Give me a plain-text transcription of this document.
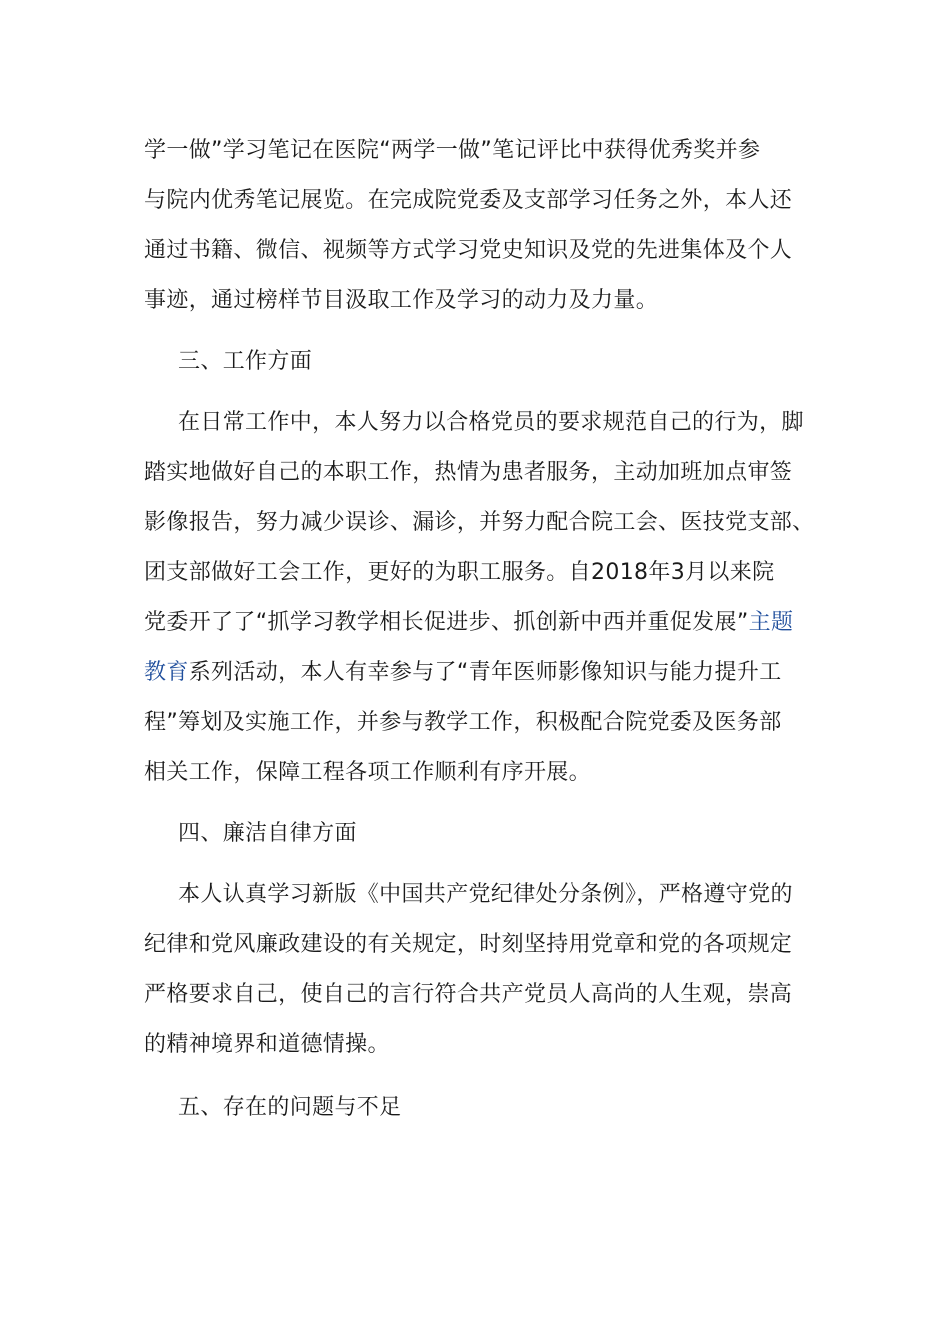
学一做”学习笔记在医院“两学一做”笔记评比中获得优秀奖并参
与院内优秀笔记展览。在完成院党委及支部学习任务之外，本人还
通过书籍、微信、视频等方式学习党史知识及党的先进集体及个人
事迹，通过榜样节目汲取工作及学习的动力及力量。
三、工作方面
在日常工作中，本人努力以合格党员的要求规范自己的行为，脚
踏实地做好自己的本职工作，热情为患者服务，主动加班加点审签
影像报告，努力减少误诊、漏诊，并努力配合院工会、医技党支部、
团支部做好工会工作，更好的为职工服务。自2018年3月以来院
党委开了了“抓学习教学相长促进步、抓创新中西并重促发展”主题
教育系列活动，本人有幸参与了“青年医师影像知识与能力提升工
程”筹划及实施工作，并参与教学工作，积极配合院党委及医务部
相关工作，保障工程各项工作顺利有序开展。
四、廉洁自律方面
本人认真学习新版《中国共产党纪律处分条例》，严格遵守党的
纪律和党风廉政建设的有关规定，时刻坚持用党章和党的各项规定
严格要求自己，使自己的言行符合共产党员人高尚的人生观，崇高
的精神境界和道德情操。
五、存在的问题与不足
